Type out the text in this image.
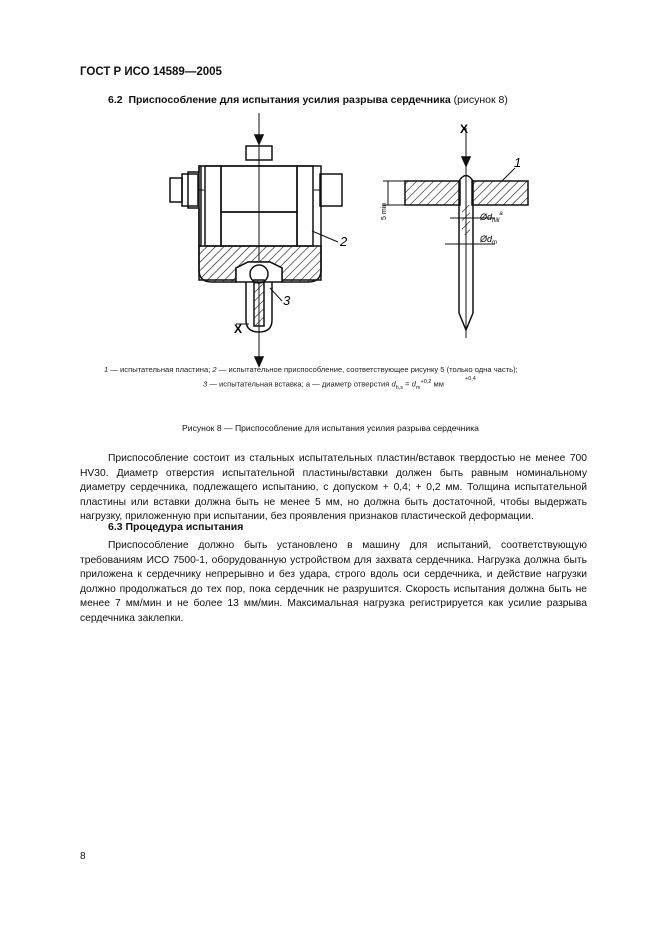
ГОСТ Р ИСО 14589—2005
6.2 Приспособление для испытания усилия разрыва сердечника (рисунок 8)
2
3
X
X
1
5 min	$Ød_{hill}^a$
$Ød_m$
1 — испытательная пластина; 2 — испытательное приспособление, соответствующее рисунку 5 (только одна часть);
+0,4
3 — испытательная вставка; а — диаметр отверстия $d_{h,s} = d_m^{+0,2}$ мм
Рисунок 8 — Приспособление для испытания усилия разрыва сердечника

Приспособление состоит из стальных испытательных пластин/вставок твердостью не менее 700 HV30. Диаметр отверстия испытательной пластины/вставки должен быть равным номинальному диаметру сердечника, подлежащего испытанию, с допуском + 0,4; + 0,2 мм. Толщина испытательной пластины или вставки должна быть не менее 5 мм, но должна быть достаточной, чтобы выдержать нагрузку, приложенную при испытании, без проявления признаков пластической деформации.

6.3 Процедура испытания

Приспособление должно быть установлено в машину для испытаний, соответствующую требованиям ИСО 7500-1, оборудованную устройством для захвата сердечника. Нагрузка должна быть приложена к сердечнику непрерывно и без удара, строго вдоль оси сердечника, и действие нагрузки должно продолжаться до тех пор, пока сердечник не разрушится. Скорость испытания должна быть не менее 7 мм/мин и не более 13 мм/мин. Максимальная нагрузка регистрируется как усилие разрыва сердечника заклепки.

8
